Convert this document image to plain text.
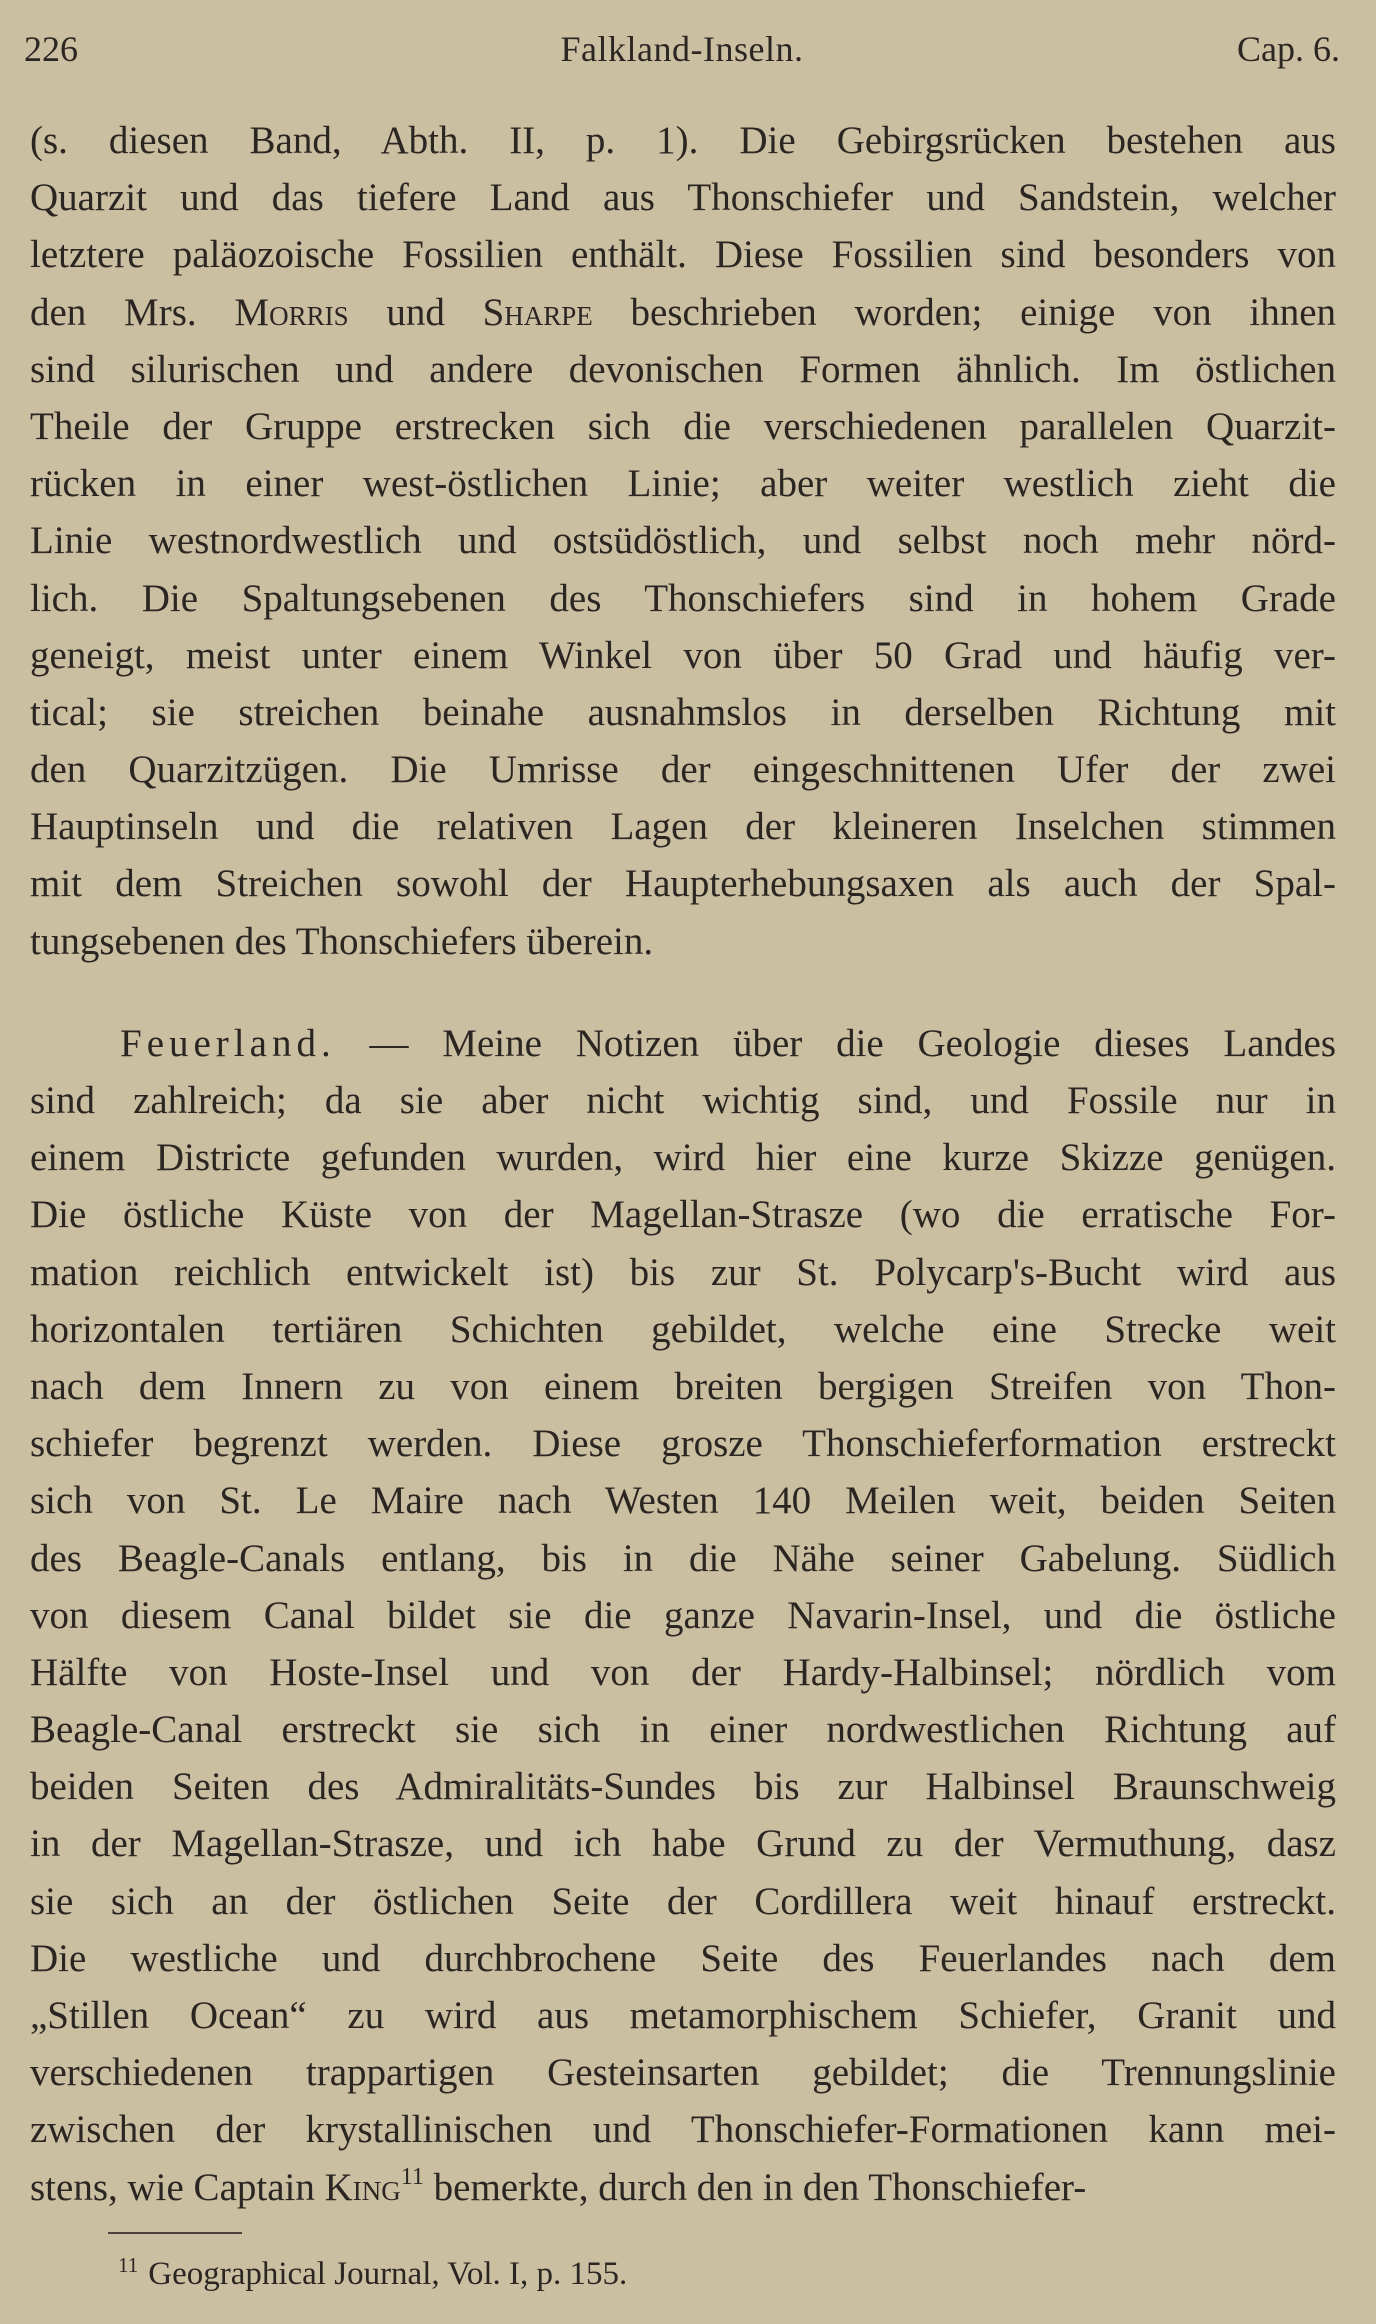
226	Falkland-Inseln.	Cap. 6.
(s. diesen Band, Abth. II, p. 1). Die Gebirgsrücken bestehen aus
Quarzit und das tiefere Land aus Thonschiefer und Sandstein, welcher
letztere paläozoische Fossilien enthält. Diese Fossilien sind besonders von
den Mrs. Morris und Sharpe beschrieben worden; einige von ihnen
sind silurischen und andere devonischen Formen ähnlich. Im östlichen
Theile der Gruppe erstrecken sich die verschiedenen parallelen Quarzit-
rücken in einer west-östlichen Linie; aber weiter westlich zieht die
Linie westnordwestlich und ostsüdöstlich, und selbst noch mehr nörd-
lich. Die Spaltungsebenen des Thonschiefers sind in hohem Grade
geneigt, meist unter einem Winkel von über 50 Grad und häufig ver-
tical; sie streichen beinahe ausnahmslos in derselben Richtung mit
den Quarzitzügen. Die Umrisse der eingeschnittenen Ufer der zwei
Hauptinseln und die relativen Lagen der kleineren Inselchen stimmen
mit dem Streichen sowohl der Haupterhebungsaxen als auch der Spal-
tungsebenen des Thonschiefers überein.
Feuerland. — Meine Notizen über die Geologie dieses Landes
sind zahlreich; da sie aber nicht wichtig sind, und Fossile nur in
einem Districte gefunden wurden, wird hier eine kurze Skizze genügen.
Die östliche Küste von der Magellan-Strasze (wo die erratische For-
mation reichlich entwickelt ist) bis zur St. Polycarp's-Bucht wird aus
horizontalen tertiären Schichten gebildet, welche eine Strecke weit
nach dem Innern zu von einem breiten bergigen Streifen von Thon-
schiefer begrenzt werden. Diese grosze Thonschieferformation erstreckt
sich von St. Le Maire nach Westen 140 Meilen weit, beiden Seiten
des Beagle-Canals entlang, bis in die Nähe seiner Gabelung. Südlich
von diesem Canal bildet sie die ganze Navarin-Insel, und die östliche
Hälfte von Hoste-Insel und von der Hardy-Halbinsel; nördlich vom
Beagle-Canal erstreckt sie sich in einer nordwestlichen Richtung auf
beiden Seiten des Admiralitäts-Sundes bis zur Halbinsel Braunschweig
in der Magellan-Strasze, und ich habe Grund zu der Vermuthung, dasz
sie sich an der östlichen Seite der Cordillera weit hinauf erstreckt.
Die westliche und durchbrochene Seite des Feuerlandes nach dem
„Stillen Ocean“ zu wird aus metamorphischem Schiefer, Granit und
verschiedenen trappartigen Gesteinsarten gebildet; die Trennungslinie
zwischen der krystallinischen und Thonschiefer-Formationen kann mei-
stens, wie Captain King$^{11}$ bemerkte, durch den in den Thonschiefer-
$^{11}$ Geographical Journal, Vol. I, p. 155.
